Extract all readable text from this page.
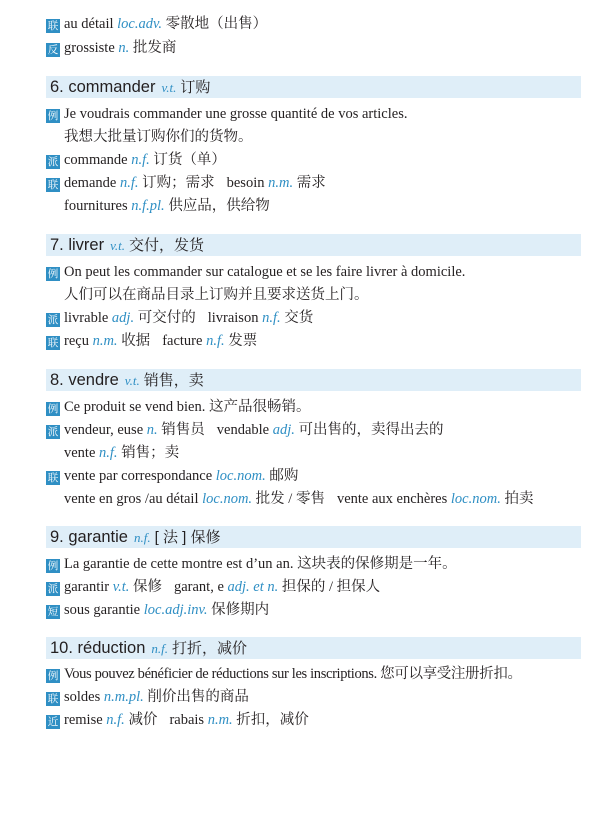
联 au détail loc.adv. 零散地（出售）
反 grossiste n. 批发商
6. commander v.t. 订购
例 Je voudrais commander une grosse quantité de vos articles.
我想大批量订购你们的货物。
派 commande n.f. 订货（单）
联 demande n.f. 订购；需求 besoin n.m. 需求
fournitures n.f.pl. 供应品，供给物
7. livrer v.t. 交付，发货
例 On peut les commander sur catalogue et se les faire livrer à domicile.
人们可以在商品目录上订购并且要求送货上门。
派 livrable adj. 可交付的 livraison n.f. 交货
联 reçu n.m. 收据 facture n.f. 发票
8. vendre v.t. 销售，卖
例 Ce produit se vend bien. 这产品很畅销。
派 vendeur, euse n. 销售员 vendable adj. 可出售的，卖得出去的
vente n.f. 销售；卖
联 vente par correspondance loc.nom. 邮购
vente en gros /au détail loc.nom. 批发 / 零售 vente aux enchères loc.nom. 拍卖
9. garantie n.f. [ 法 ] 保修
例 La garantie de cette montre est d’un an. 这块表的保修期是一年。
派 garantir v.t. 保修 garant, e adj. et n. 担保的 / 担保人
短 sous garantie loc.adj.inv. 保修期内
10. réduction n.f. 打折，减价
例 Vous pouvez bénéficier de réductions sur les inscriptions. 您可以享受注册折扣。
联 soldes n.m.pl. 削价出售的商品
近 remise n.f. 减价 rabais n.m. 折扣，减价
